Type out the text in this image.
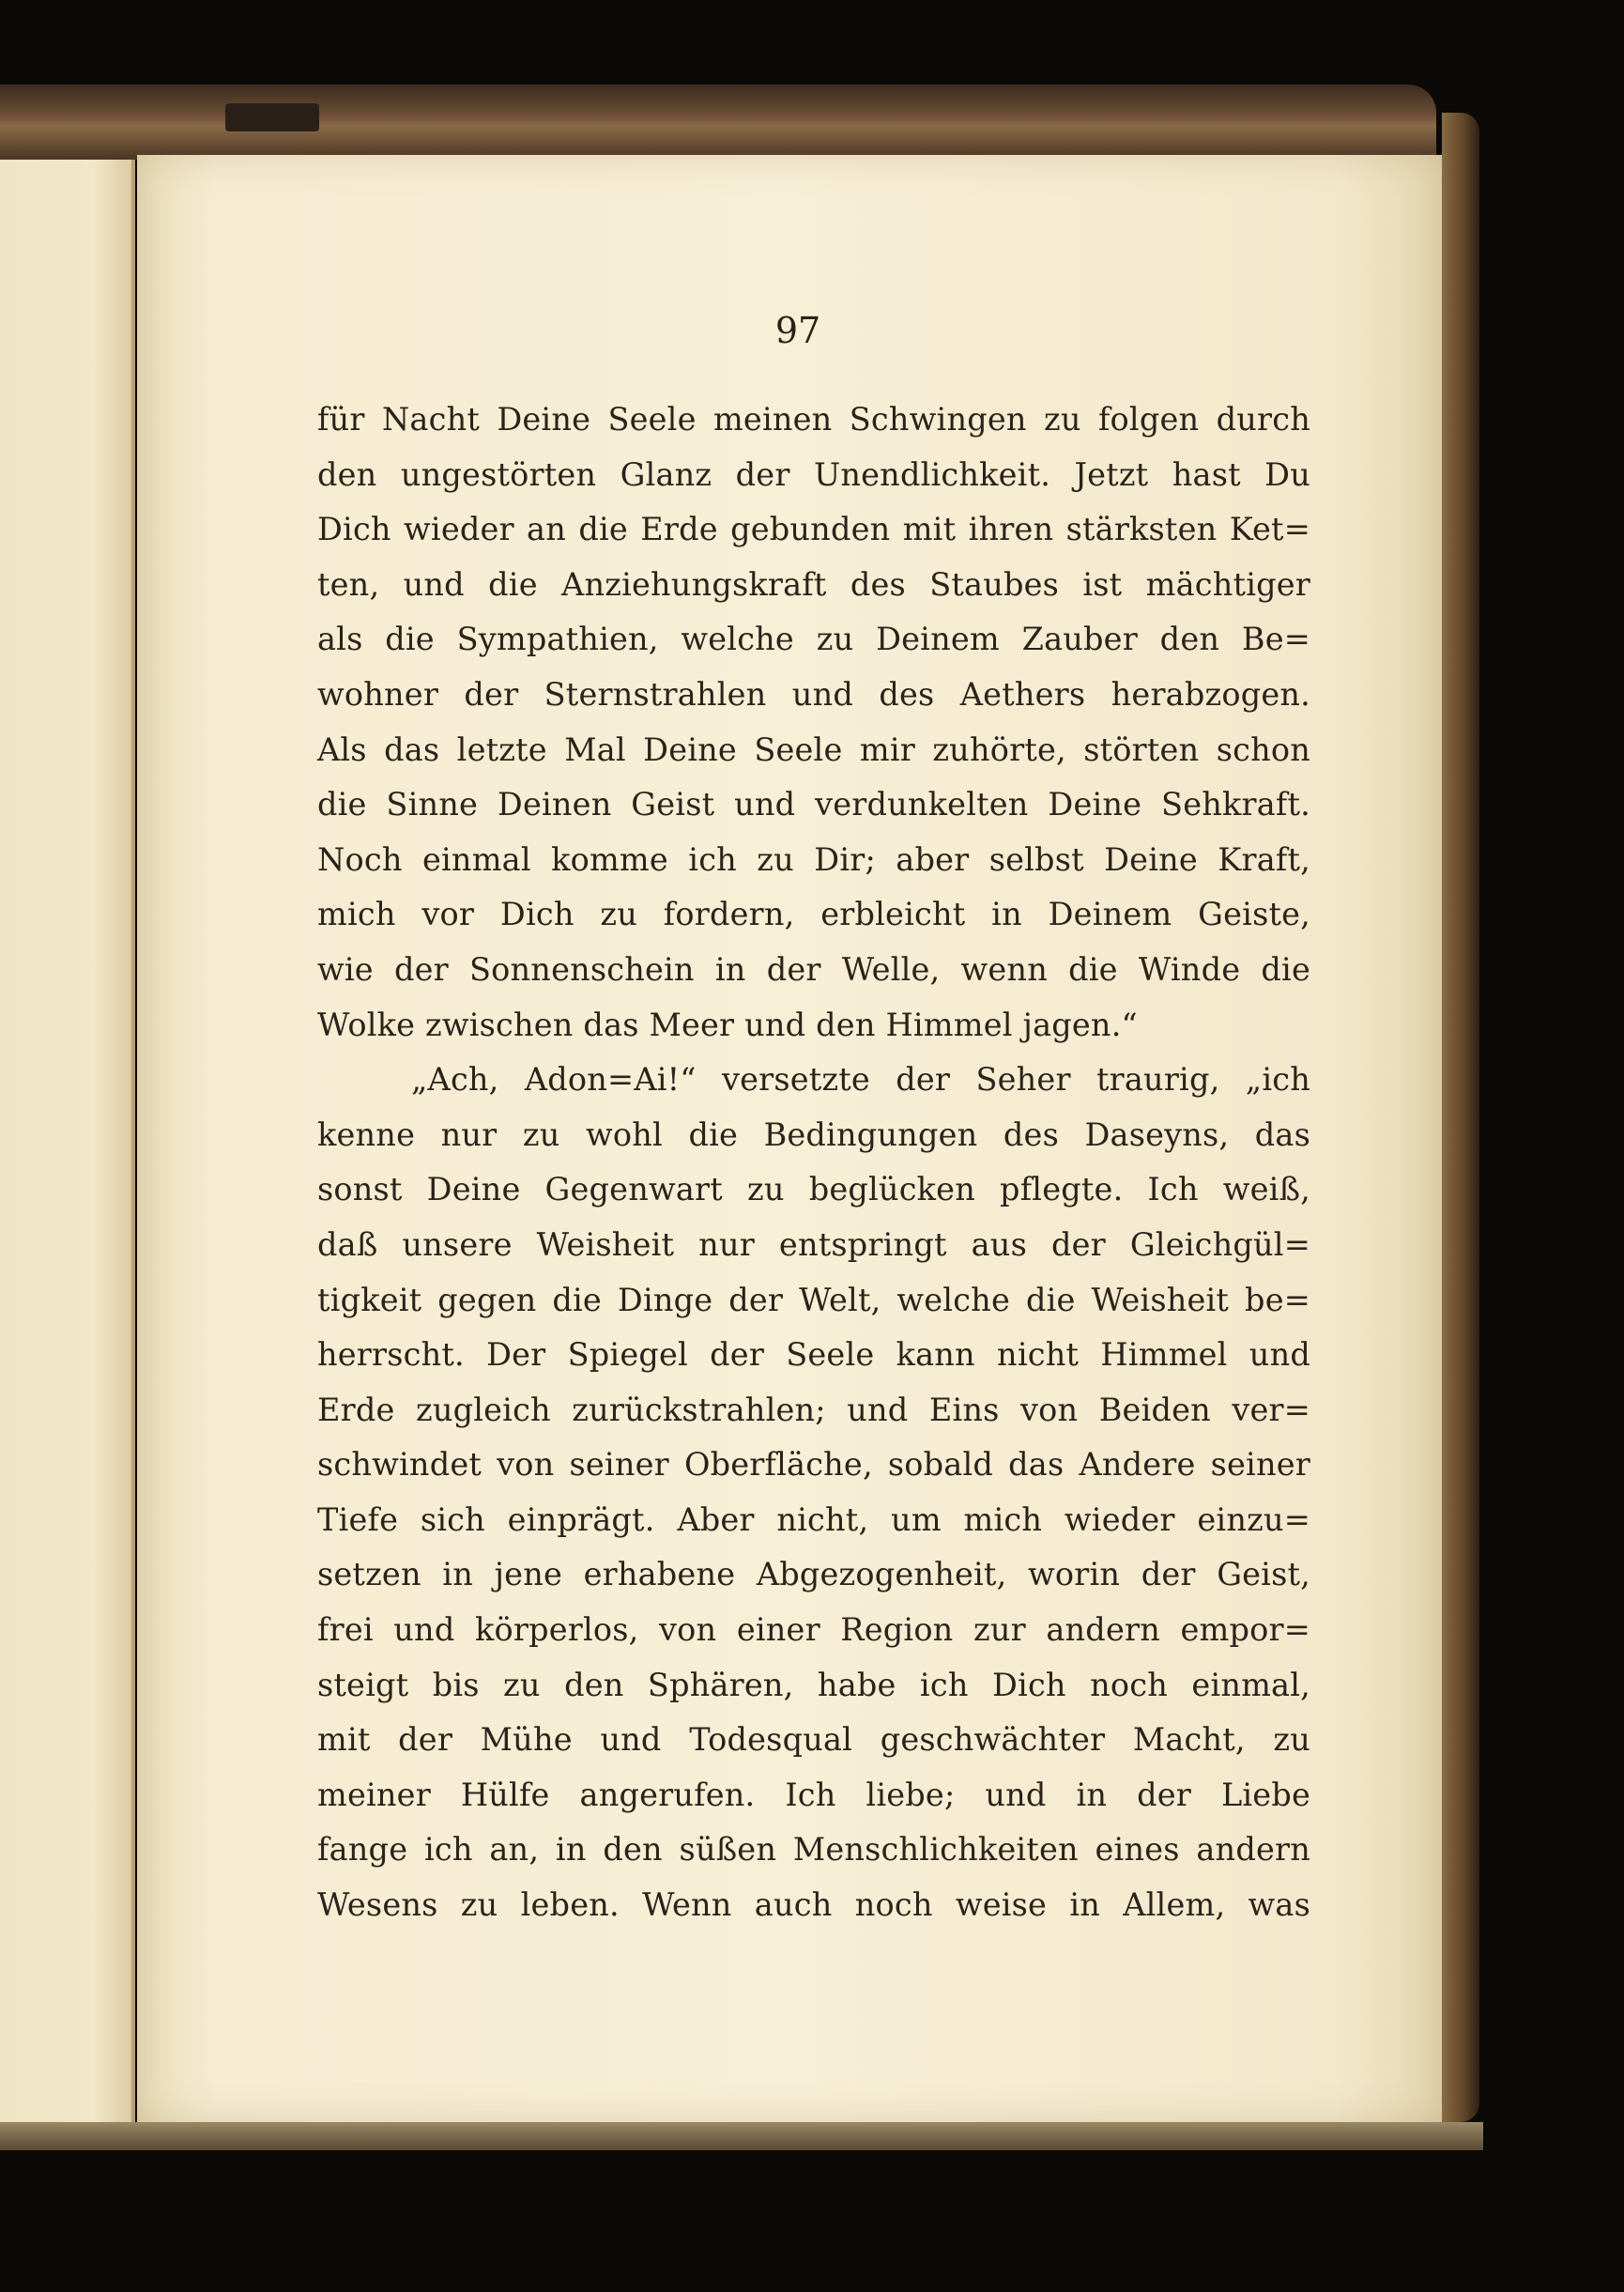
97
für Nacht Deine Seele meinen Schwingen zu folgen durch
den ungestörten Glanz der Unendlichkeit. Jetzt hast Du
Dich wieder an die Erde gebunden mit ihren stärksten Ket=
ten, und die Anziehungskraft des Staubes ist mächtiger
als die Sympathien, welche zu Deinem Zauber den Be=
wohner der Sternstrahlen und des Aethers herabzogen.
Als das letzte Mal Deine Seele mir zuhörte, störten schon
die Sinne Deinen Geist und verdunkelten Deine Sehkraft.
Noch einmal komme ich zu Dir; aber selbst Deine Kraft,
mich vor Dich zu fordern, erbleicht in Deinem Geiste,
wie der Sonnenschein in der Welle, wenn die Winde die
Wolke zwischen das Meer und den Himmel jagen.“
„Ach, Adon=Ai!“ versetzte der Seher traurig, „ich
kenne nur zu wohl die Bedingungen des Daseyns, das
sonst Deine Gegenwart zu beglücken pflegte. Ich weiß,
daß unsere Weisheit nur entspringt aus der Gleichgül=
tigkeit gegen die Dinge der Welt, welche die Weisheit be=
herrscht. Der Spiegel der Seele kann nicht Himmel und
Erde zugleich zurückstrahlen; und Eins von Beiden ver=
schwindet von seiner Oberfläche, sobald das Andere seiner
Tiefe sich einprägt. Aber nicht, um mich wieder einzu=
setzen in jene erhabene Abgezogenheit, worin der Geist,
frei und körperlos, von einer Region zur andern empor=
steigt bis zu den Sphären, habe ich Dich noch einmal,
mit der Mühe und Todesqual geschwächter Macht, zu
meiner Hülfe angerufen. Ich liebe; und in der Liebe
fange ich an, in den süßen Menschlichkeiten eines andern
Wesens zu leben. Wenn auch noch weise in Allem, was
